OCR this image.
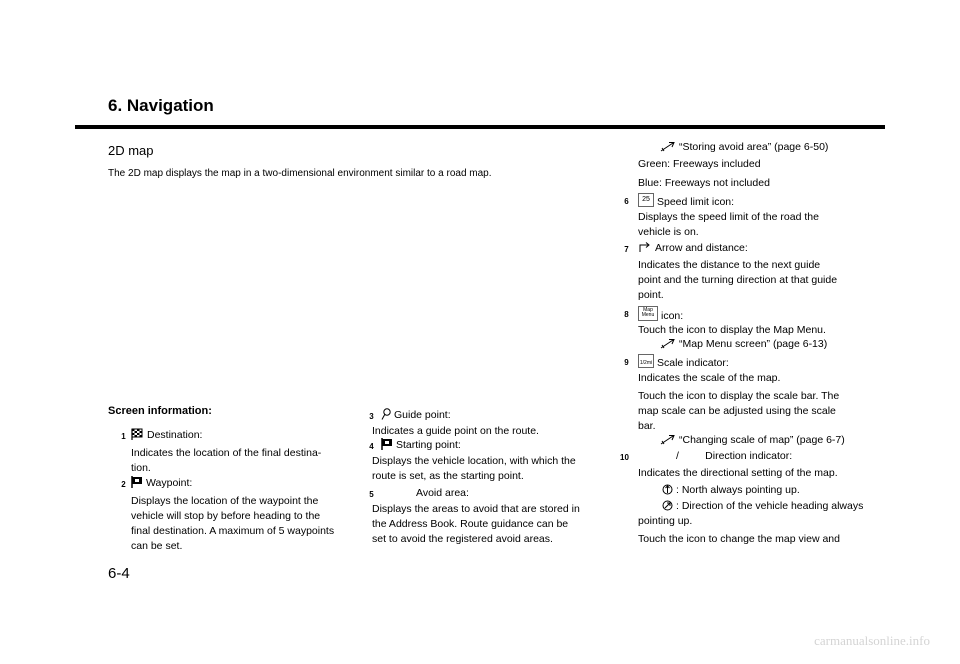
6. Navigation
2D map
The 2D map displays the map in a two-dimensional environment similar to a road map.
Screen information:
1	Destination:
Indicates the location of the final destina-
tion.
2	Waypoint:
Displays the location of the waypoint the
vehicle will stop by before heading to the
final destination. A maximum of 5 waypoints
can be set.
3	Guide point:
Indicates a guide point on the route.
4	Starting point:
Displays the vehicle location, with which the
route is set, as the starting point.
5	Avoid area:
Displays the areas to avoid that are stored in
the Address Book. Route guidance can be
set to avoid the registered avoid areas.
“Storing avoid area” (page 6-50)
Green: Freeways included
Blue: Freeways not included
6	25 Speed limit icon:
Displays the speed limit of the road the
vehicle is on.
7	Arrow and distance:
Indicates the distance to the next guide
point and the turning direction at that guide
point.
8	Map
Menu icon:
Touch the icon to display the Map Menu.
“Map Menu screen” (page 6-13)
9	1/2mi Scale indicator:
Indicates the scale of the map.
Touch the icon to display the scale bar. The
map scale can be adjusted using the scale
bar.
“Changing scale of map” (page 6-7)
10	/         Direction indicator:
Indicates the directional setting of the map.
: North always pointing up.
: Direction of the vehicle heading always
pointing up.
Touch the icon to change the map view and
6-4
carmanualsonline.info
